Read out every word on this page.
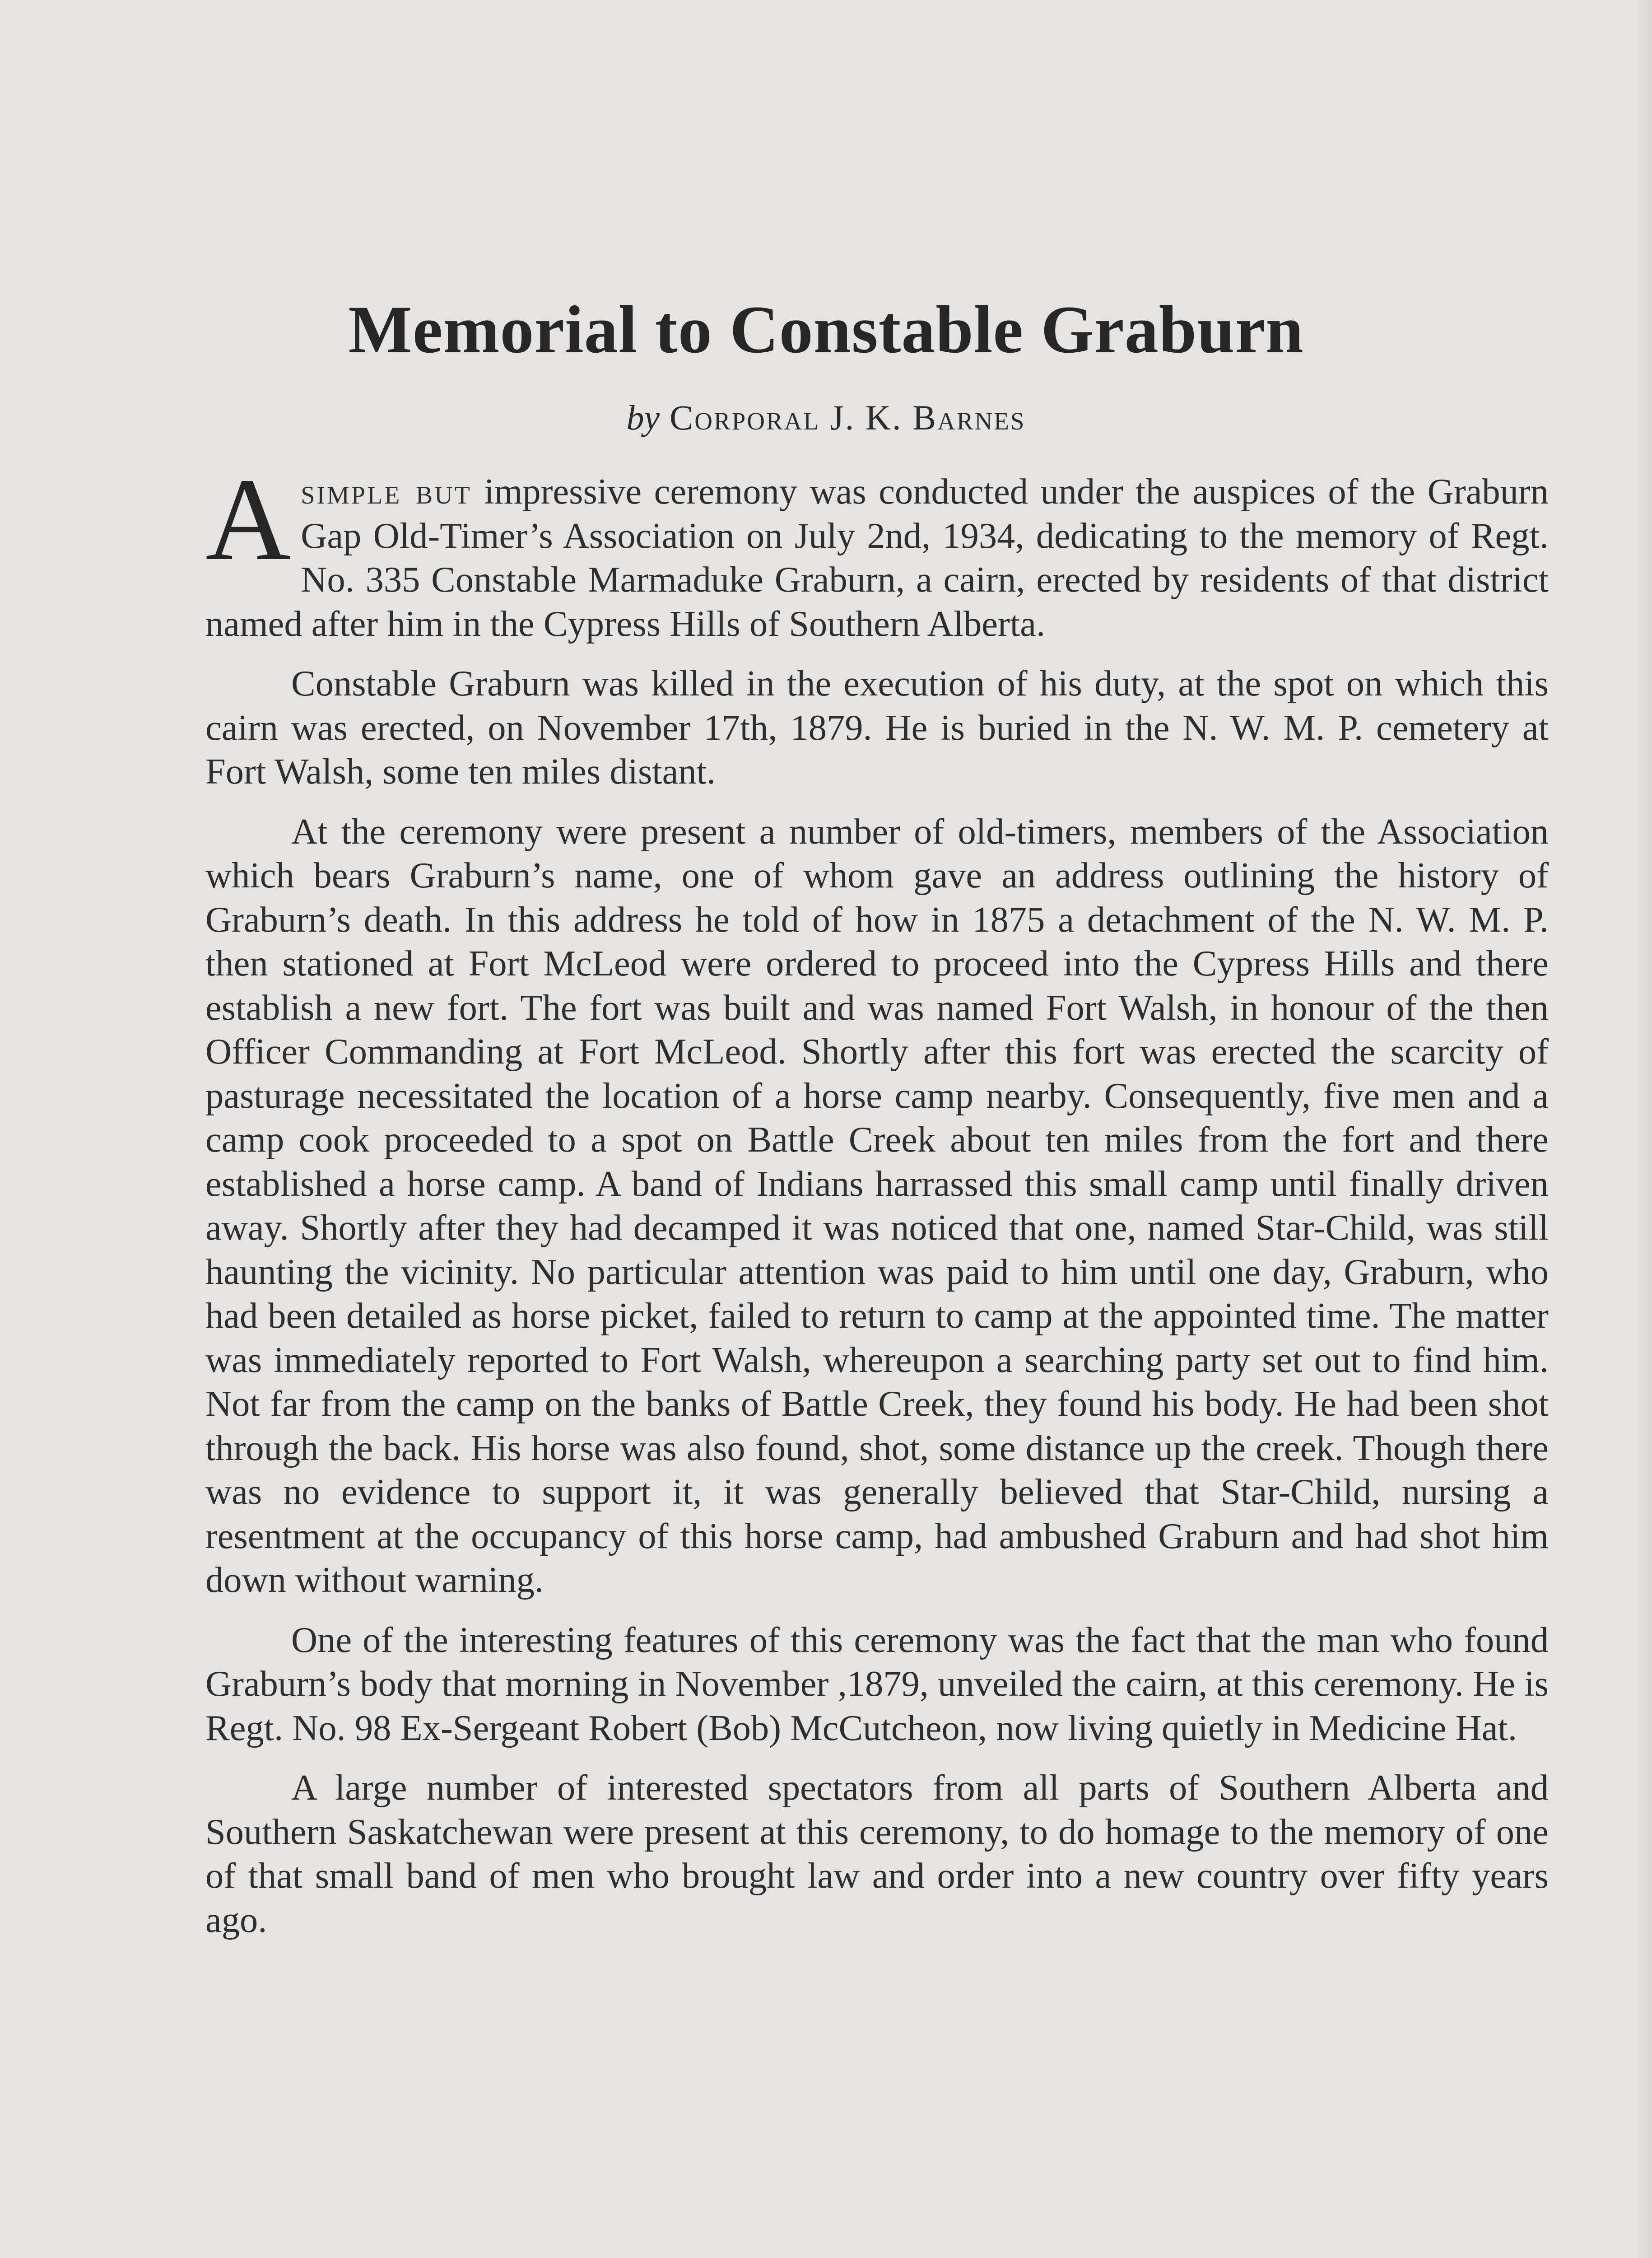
Memorial to Constable Graburn
by Corporal J. K. Barnes

Asimple but impressive ceremony was conducted under the auspices of the Graburn Gap Old-Timer’s Association on July 2nd, 1934, dedicating to the memory of Regt. No. 335 Constable Marmaduke Graburn, a cairn, erected by residents of that district named after him in the Cypress Hills of Southern Alberta.

Constable Graburn was killed in the execution of his duty, at the spot on which this cairn was erected, on November 17th, 1879. He is buried in the N. W. M. P. cemetery at Fort Walsh, some ten miles distant.

At the ceremony were present a number of old-timers, members of the Association which bears Graburn’s name, one of whom gave an address outlining the history of Graburn’s death. In this address he told of how in 1875 a detachment of the N. W. M. P. then stationed at Fort McLeod were ordered to proceed into the Cypress Hills and there establish a new fort. The fort was built and was named Fort Walsh, in honour of the then Officer Commanding at Fort McLeod. Shortly after this fort was erected the scarcity of pasturage necessitated the location of a horse camp nearby. Consequently, five men and a camp cook proceeded to a spot on Battle Creek about ten miles from the fort and there established a horse camp. A band of Indians harrassed this small camp until finally driven away. Shortly after they had decamped it was noticed that one, named Star-Child, was still haunting the vicinity. No particular attention was paid to him until one day, Graburn, who had been detailed as horse picket, failed to return to camp at the appointed time. The matter was immediately reported to Fort Walsh, whereupon a searching party set out to find him. Not far from the camp on the banks of Battle Creek, they found his body. He had been shot through the back. His horse was also found, shot, some distance up the creek. Though there was no evidence to support it, it was generally believed that Star-Child, nursing a resentment at the occupancy of this horse camp, had ambushed Graburn and had shot him down without warning.

One of the interesting features of this ceremony was the fact that the man who found Graburn’s body that morning in November ,1879, unveiled the cairn, at this ceremony. He is Regt. No. 98 Ex-Sergeant Robert (Bob) McCutcheon, now living quietly in Medicine Hat.

A large number of interested spectators from all parts of Southern Alberta and Southern Saskatchewan were present at this ceremony, to do homage to the memory of one of that small band of men who brought law and order into a new country over fifty years ago.
